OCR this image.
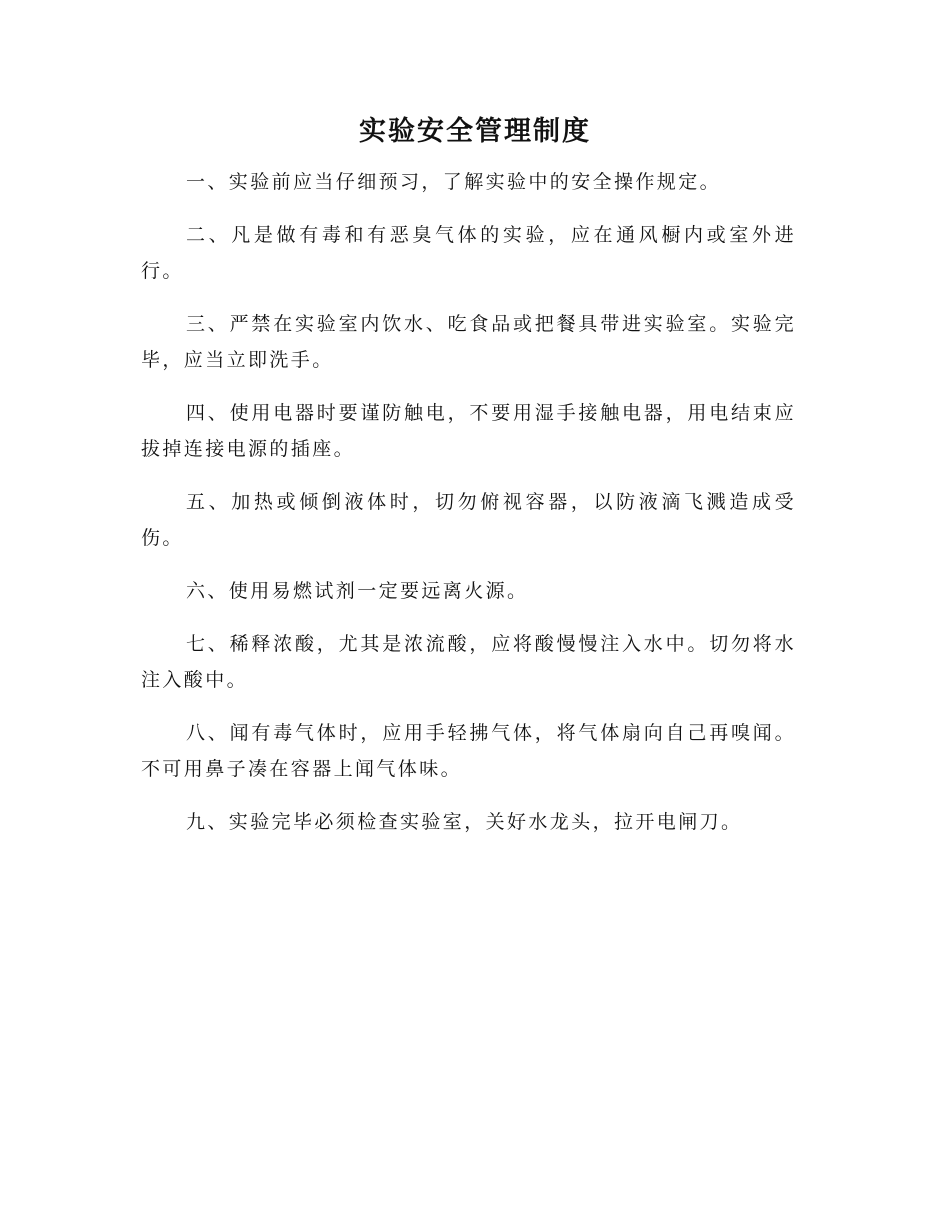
实验安全管理制度

一、实验前应当仔细预习，了解实验中的安全操作规定。

二、凡是做有毒和有恶臭气体的实验，应在通风橱内或室外进行。

三、严禁在实验室内饮水、吃食品或把餐具带进实验室。实验完毕，应当立即洗手。

四、使用电器时要谨防触电，不要用湿手接触电器，用电结束应拔掉连接电源的插座。

五、加热或倾倒液体时，切勿俯视容器，以防液滴飞溅造成受伤。

六、使用易燃试剂一定要远离火源。

七、稀释浓酸，尤其是浓流酸，应将酸慢慢注入水中。切勿将水注入酸中。

八、闻有毒气体时，应用手轻拂气体，将气体扇向自己再嗅闻。不可用鼻子凑在容器上闻气体味。

九、实验完毕必须检查实验室，关好水龙头，拉开电闸刀。
